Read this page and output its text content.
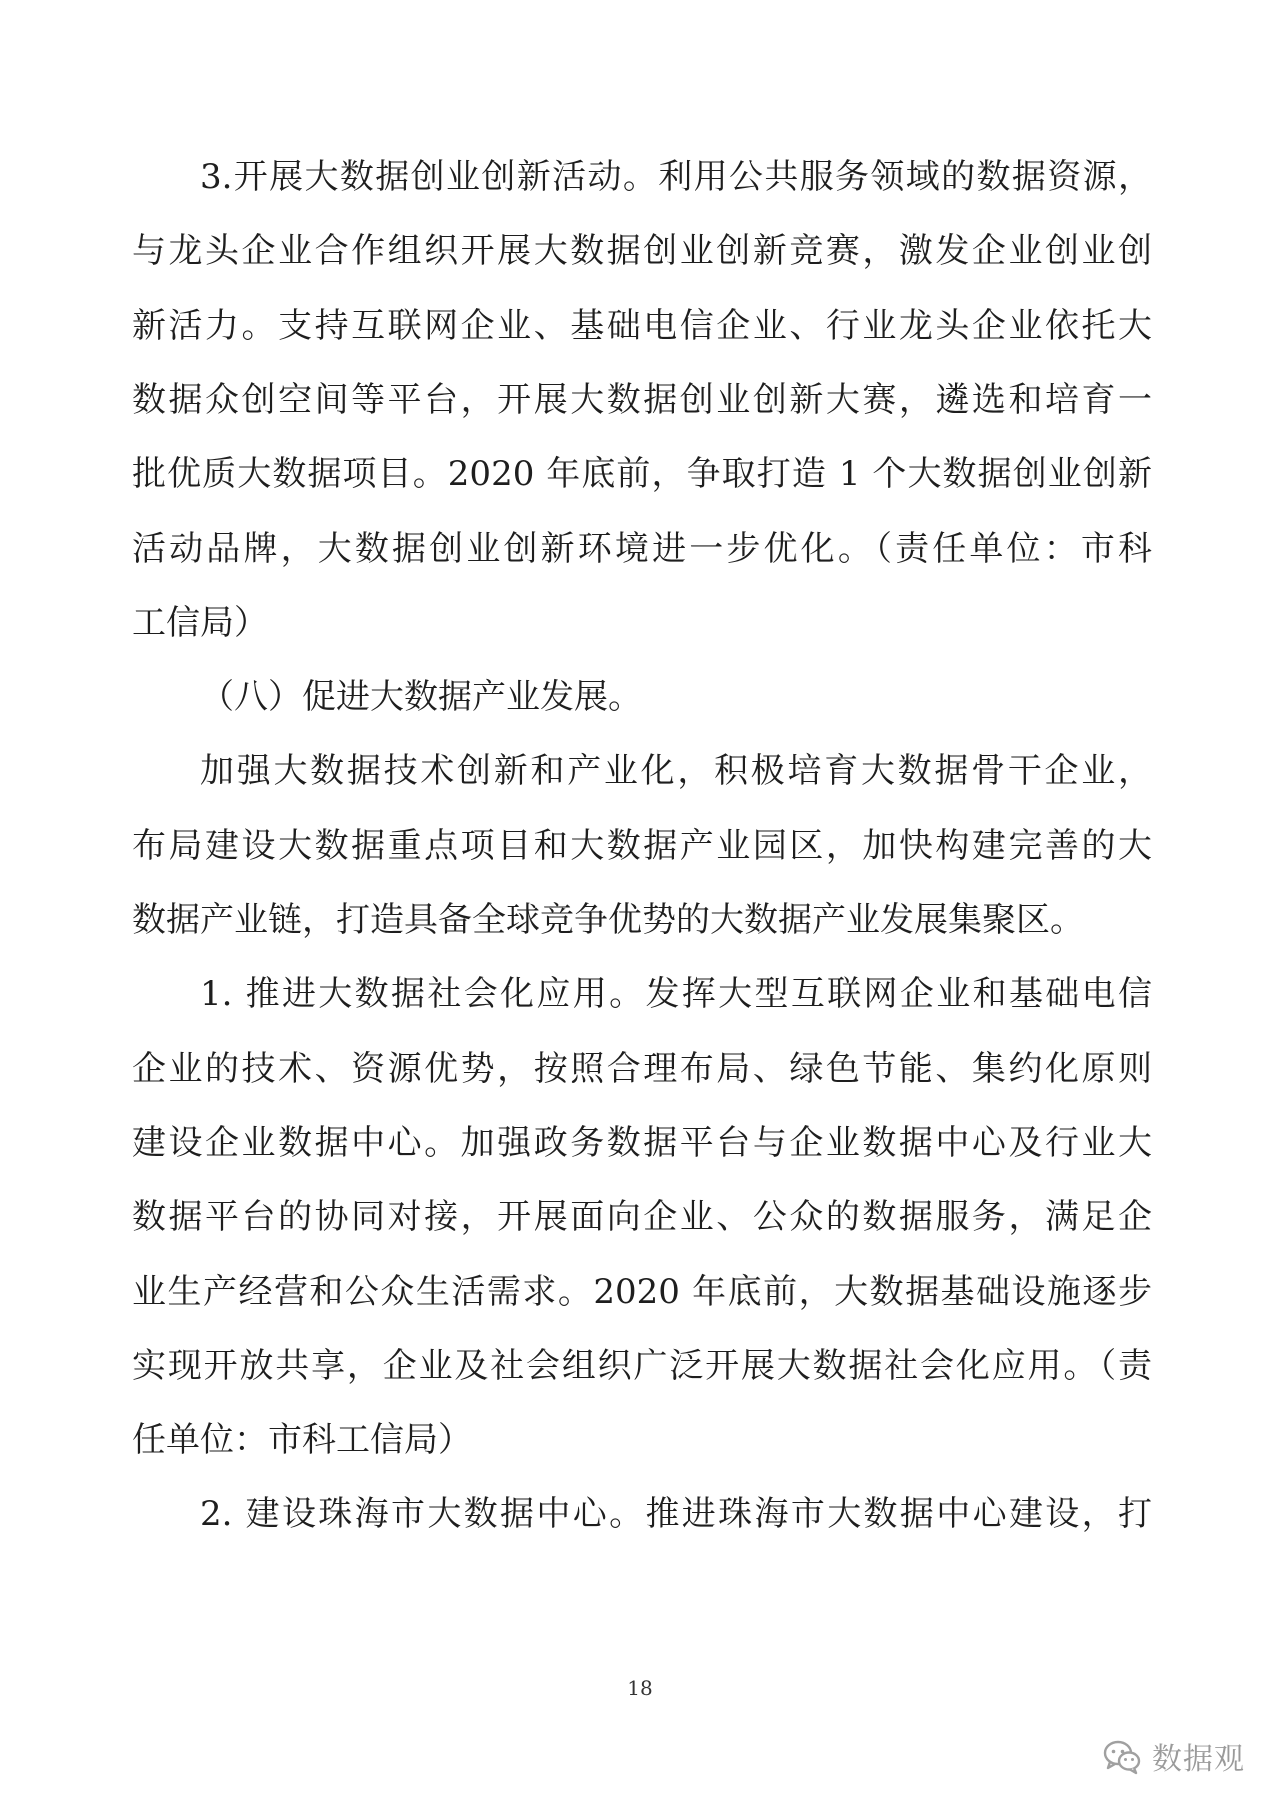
3.开展大数据创业创新活动。利用公共服务领域的数据资源，
与龙头企业合作组织开展大数据创业创新竞赛，激发企业创业创
新活力。支持互联网企业、基础电信企业、行业龙头企业依托大
数据众创空间等平台，开展大数据创业创新大赛，遴选和培育一
批优质大数据项目。2020 年底前，争取打造 1 个大数据创业创新
活动品牌，大数据创业创新环境进一步优化。（责任单位：市科
工信局）
（八）促进大数据产业发展。
加强大数据技术创新和产业化，积极培育大数据骨干企业，
布局建设大数据重点项目和大数据产业园区，加快构建完善的大
数据产业链，打造具备全球竞争优势的大数据产业发展集聚区。
1. 推进大数据社会化应用。发挥大型互联网企业和基础电信
企业的技术、资源优势，按照合理布局、绿色节能、集约化原则
建设企业数据中心。加强政务数据平台与企业数据中心及行业大
数据平台的协同对接，开展面向企业、公众的数据服务，满足企
业生产经营和公众生活需求。2020 年底前，大数据基础设施逐步
实现开放共享，企业及社会组织广泛开展大数据社会化应用。（责
任单位：市科工信局）
2. 建设珠海市大数据中心。推进珠海市大数据中心建设，打
18
数据观
